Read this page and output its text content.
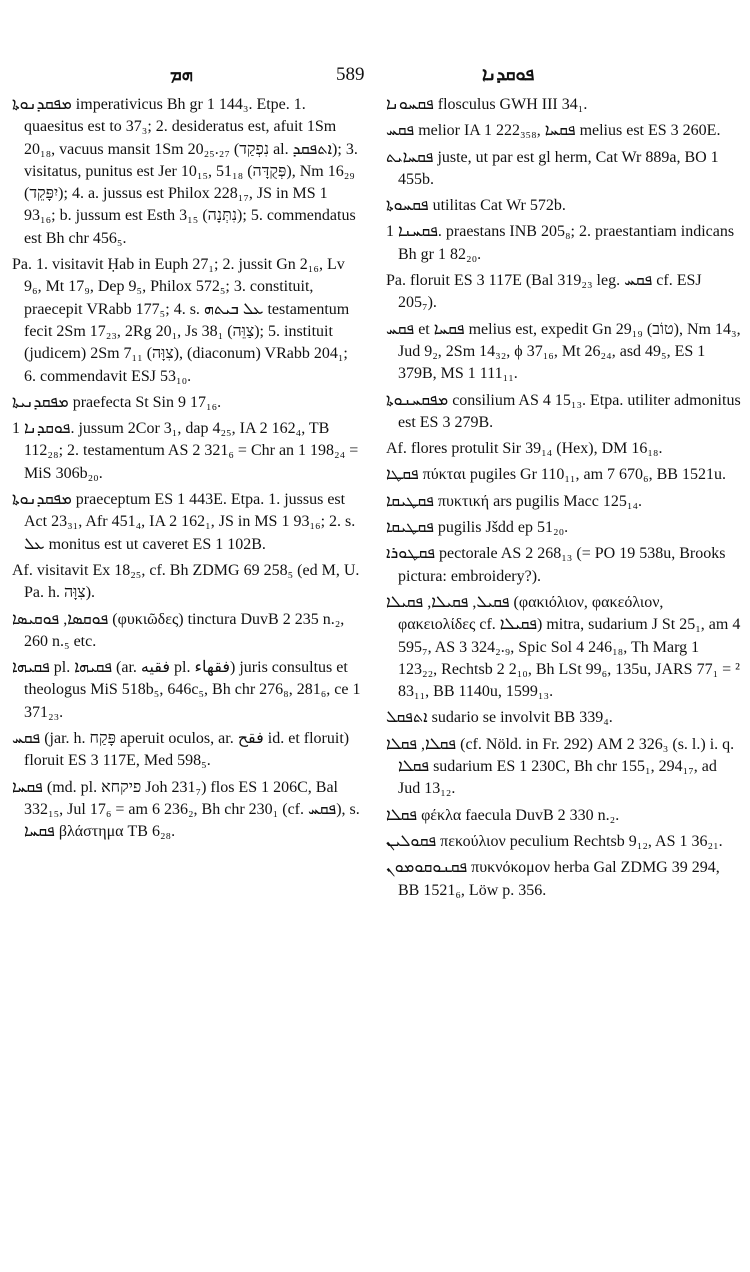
ܗܡ	589	ܦܘܩܕܢܐ

ܡܦܩܕܢܘܬܐ imperativicus Bh gr 1 144₃. Etpe. 1. quaesitus est to 37₃; 2. desideratus est, afuit 1Sm 20₁₈, vacuus mansit 1Sm 20₂₅.₂₇ (נִפְקַד al. ܐܬܦܩܕ); 3. visitatus, punitus est Jer 10₁₅, 51₁₈ (פְּקֻדָּה), Nm 16₂₉ (יִפָּקֵד); 4. a. jussus est Philox 228₁₇, JS in MS 1 93₁₆; b. jussum est Esth 3₁₅ (נִתְּנָה); 5. commendatus est Bh chr 456₅.

Pa. 1. visitavit Ḥab in Euph 27₁; 2. jussit Gn 2₁₆, Lv 9₆, Mt 17₉, Dep 9₅, Philox 572₅; 3. constituit, praecepit VRabb 177₅; 4. s. ܥܠ ܒܝܬܗ testamentum fecit 2Sm 17₂₃, 2Rg 20₁, Js 38₁ (צַוֵּה); 5. instituit (judicem) 2Sm 7₁₁ (צִוָּה), (diaconum) VRabb 204₁; 6. commendavit ESJ 53₁₀.

ܡܦܩܕܢܝܬܐ praefecta St Sin 9 17₁₆.

ܦܘܩܕܢܐ 1. jussum 2Cor 3₁, dap 4₂₅, IA 2 162₄, TB 112₂₈; 2. testamentum AS 2 321₆ = Chr an 1 198₂₄ = MiS 306b₂₀.

ܡܦܩܕܢܘܬܐ praeceptum ES 1 443E. Etpa. 1. jussus est Act 23₃₁, Afr 451₄, IA 2 162₁, JS in MS 1 93₁₆; 2. s. ܥܠ monitus est ut caveret ES 1 102B.

Af. visitavit Ex 18₂₅, cf. Bh ZDMG 69 258₅ (ed M, U. Pa. h. צִוָּה).

ܦܘܩܣܐ, ܦܘܩܝܣܐ (φυκιῶδες) tinctura DuvB 2 235 n.₂, 260 n.₅ etc.

ܦܩܝܗܐ pl. ܦܩܝܗܐ (ar. فقيه pl. فقهاء) juris consultus et theologus MiS 518b₅, 646c₅, Bh chr 276₈, 281₆, ce 1 371₂₃.

ܦܩܚ (jar. h. פָּקַח aperuit oculos, ar. فقح id. et floruit) floruit ES 3 117E, Med 598₅.

ܦܩܚܐ (md. pl. פיקחא Joh 231₇) flos ES 1 206C, Bal 332₁₅, Jul 17₆ = am 6 236₂, Bh chr 230₁ (cf. ܦܩܚ), s. ܦܩܚܐ βλάστημα TB 6₂₈.

ܦܩܚܘܢܐ flosculus GWH III 34₁.

ܦܩܚ melior IA 1 222₃₅₈, ܦܩܚܐ melius est ES 3 260E.

ܦܩܚܐܝܬ juste, ut par est gl herm, Cat Wr 889a, BO 1 455b.

ܦܩܚܘܬܐ utilitas Cat Wr 572b.

ܦܩܚܢܐ 1. praestans INB 205₈; 2. praestantiam indicans Bh gr 1 82₂₀.

Pa. floruit ES 3 117E (Bal 319₂₃ leg. ܦܩܚ cf. ESJ 205₇).

ܦܩܚ et ܦܩܚܐ melius est, expedit Gn 29₁₉ (טוֹב), Nm 14₃, Jud 9₂, 2Sm 14₃₂, ϕ 37₁₆, Mt 26₂₄, asd 49₅, ES 1 379B, MS 1 111₁₁.

ܡܦܩܚܢܘܬܐ consilium AS 4 15₁₃. Etpa. utiliter admonitus est ES 3 279B.

Af. flores protulit Sir 39₁₄ (Hex), DM 16₁₈.

ܦܩܛܐ πύκται pugiles Gr 110₁₁, am 7 670₆, BB 1521u.

ܦܩܛܝܩܐ πυκτική ars pugilis Macc 125₁₄.

ܦܩܛܝܩܐ pugilis Jšdd ep 51₂₀.

ܦܩܛܘܪܐ pectorale AS 2 268₁₃ (= PO 19 538u, Brooks pictura: embroidery?).

ܦܩܝܠ, ܦܩܝܠܐ, ܦܩܝܠܐ (φακιόλιον, φακεόλιον, φακειολίδες cf. ܦܩܝܠܐ) mitra, sudarium J St 25₁, am 4 595₇, AS 3 324₂.₉, Spic Sol 4 246₁₈, Th Marg 1 123₂₂, Rechtsb 2 2₁₀, Bh LSt 99₆, 135u, JARS 77₁ = ² 83₁₁, BB 1140u, 1599₁₃.

ܐܬܦܩܠ sudario se involvit BB 339₄.

ܦܩܠܐ, ܦܩܠܐ (cf. Nöld. in Fr. 292) AM 2 326₃ (s. l.) i. q. ܦܩܠܐ sudarium ES 1 230C, Bh chr 155₁, 294₁₇, ad Jud 13₁₂.

ܦܩܠܐ φέκλα faecula DuvB 2 330 n.₂.

ܦܩܘܠܝܢ πεκούλιον peculium Rechtsb 9₁₂, AS 1 36₂₁.

ܦܩܢܘܩܘܡܘܢ πυκνόκομον herba Gal ZDMG 39 294, BB 1521₆, Löw p. 356.
